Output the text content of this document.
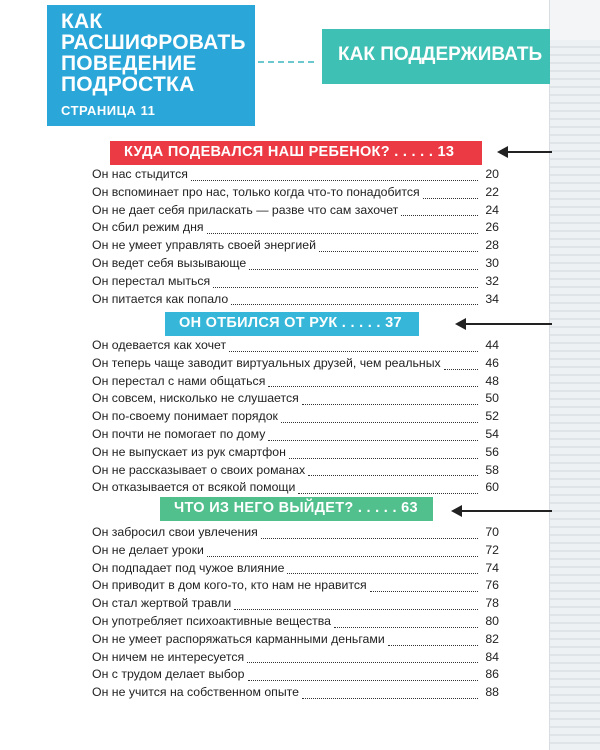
КАК
РАСШИФРОВАТЬ
ПОВЕДЕНИЕ
ПОДРОСТКА
СТРАНИЦА 11
КАК ПОДДЕРЖИВАТЬ
КУДА ПОДЕВАЛСЯ НАШ РЕБЕНОК? . . . . . 13
Он нас стыдится	20
Он вспоминает про нас, только когда что-то понадобится	22
Он не дает себя приласкать — разве что сам захочет	24
Он сбил режим дня	26
Он не умеет управлять своей энергией	28
Он ведет себя вызывающе	30
Он перестал мыться	32
Он питается как попало	34
ОН ОТБИЛСЯ ОТ РУК . . . . . 37
Он одевается как хочет	44
Он теперь чаще заводит виртуальных друзей, чем реальных	46
Он перестал с нами общаться	48
Он совсем, нисколько не слушается	50
Он по-своему понимает порядок	52
Он почти не помогает по дому	54
Он не выпускает из рук смартфон	56
Он не рассказывает о своих романах	58
Он отказывается от всякой помощи	60
ЧТО ИЗ НЕГО ВЫЙДЕТ? . . . . . 63
Он забросил свои увлечения	70
Он не делает уроки	72
Он подпадает под чужое влияние	74
Он приводит в дом кого-то, кто нам не нравится	76
Он стал жертвой травли	78
Он употребляет психоактивные вещества	80
Он не умеет распоряжаться карманными деньгами	82
Он ничем не интересуется	84
Он с трудом делает выбор	86
Он не учится на собственном опыте	88
